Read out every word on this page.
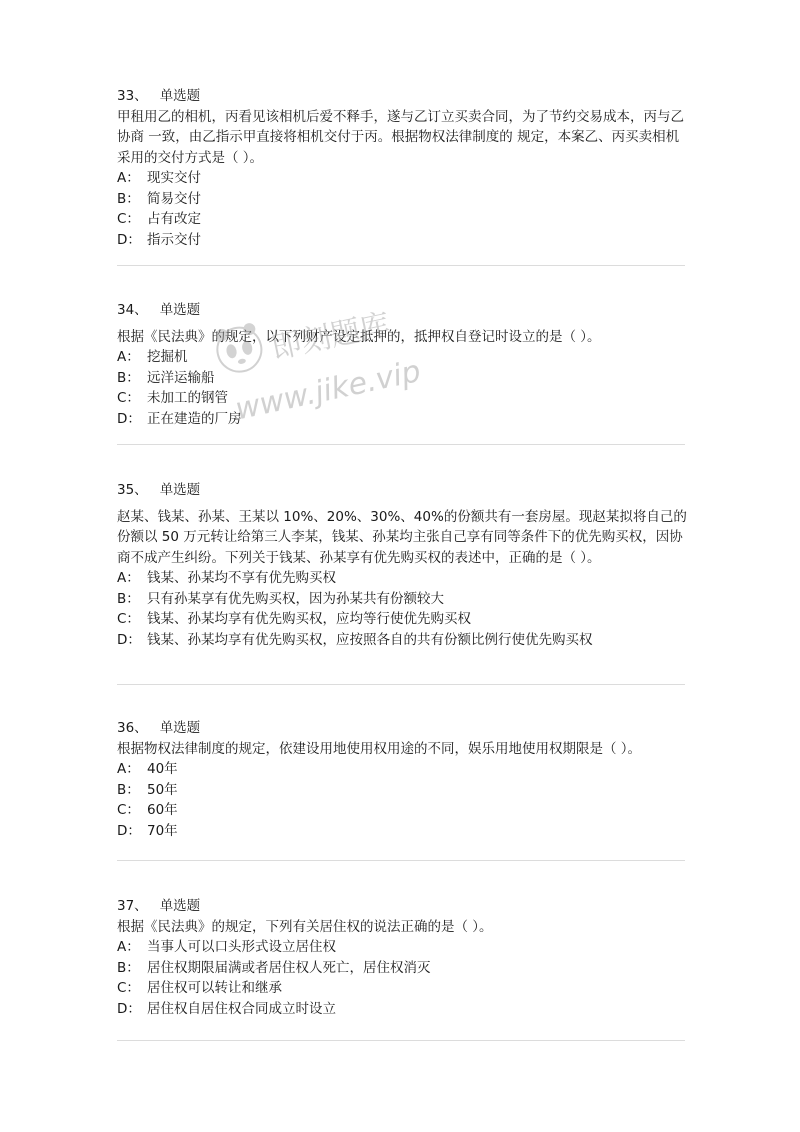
33、 单选题

甲租用乙的相机，丙看见该相机后爱不释手，遂与乙订立买卖合同，为了节约交易成本，丙与乙协商 一致，由乙指示甲直接将相机交付于丙。根据物权法律制度的 规定，本案乙、丙买卖相机采用的交付方式是（ ）。

A： 现实交付

B： 简易交付

C： 占有改定

D： 指示交付

34、 单选题

根据《民法典》的规定，以下列财产设定抵押的，抵押权自登记时设立的是（ ）。

A： 挖掘机

B： 远洋运输船

C： 未加工的钢管

D： 正在建造的厂房

35、 单选题

赵某、钱某、孙某、王某以 10%、20%、30%、40%的份额共有一套房屋。现赵某拟将自己的份额以 50 万元转让给第三人李某，钱某、孙某均主张自己享有同等条件下的优先购买权，因协商不成产生纠纷。下列关于钱某、孙某享有优先购买权的表述中，正确的是（ ）。

A： 钱某、孙某均不享有优先购买权

B： 只有孙某享有优先购买权，因为孙某共有份额较大

C： 钱某、孙某均享有优先购买权，应均等行使优先购买权

D： 钱某、孙某均享有优先购买权，应按照各自的共有份额比例行使优先购买权

36、 单选题

根据物权法律制度的规定，依建设用地使用权用途的不同，娱乐用地使用权期限是（ ）。

A： 40年

B： 50年

C： 60年

D： 70年

37、 单选题

根据《民法典》的规定，下列有关居住权的说法正确的是（ ）。

A： 当事人可以口头形式设立居住权

B： 居住权期限届满或者居住权人死亡，居住权消灭

C： 居住权可以转让和继承

D： 居住权自居住权合同成立时设立

即刻题库
www.jike.vip
